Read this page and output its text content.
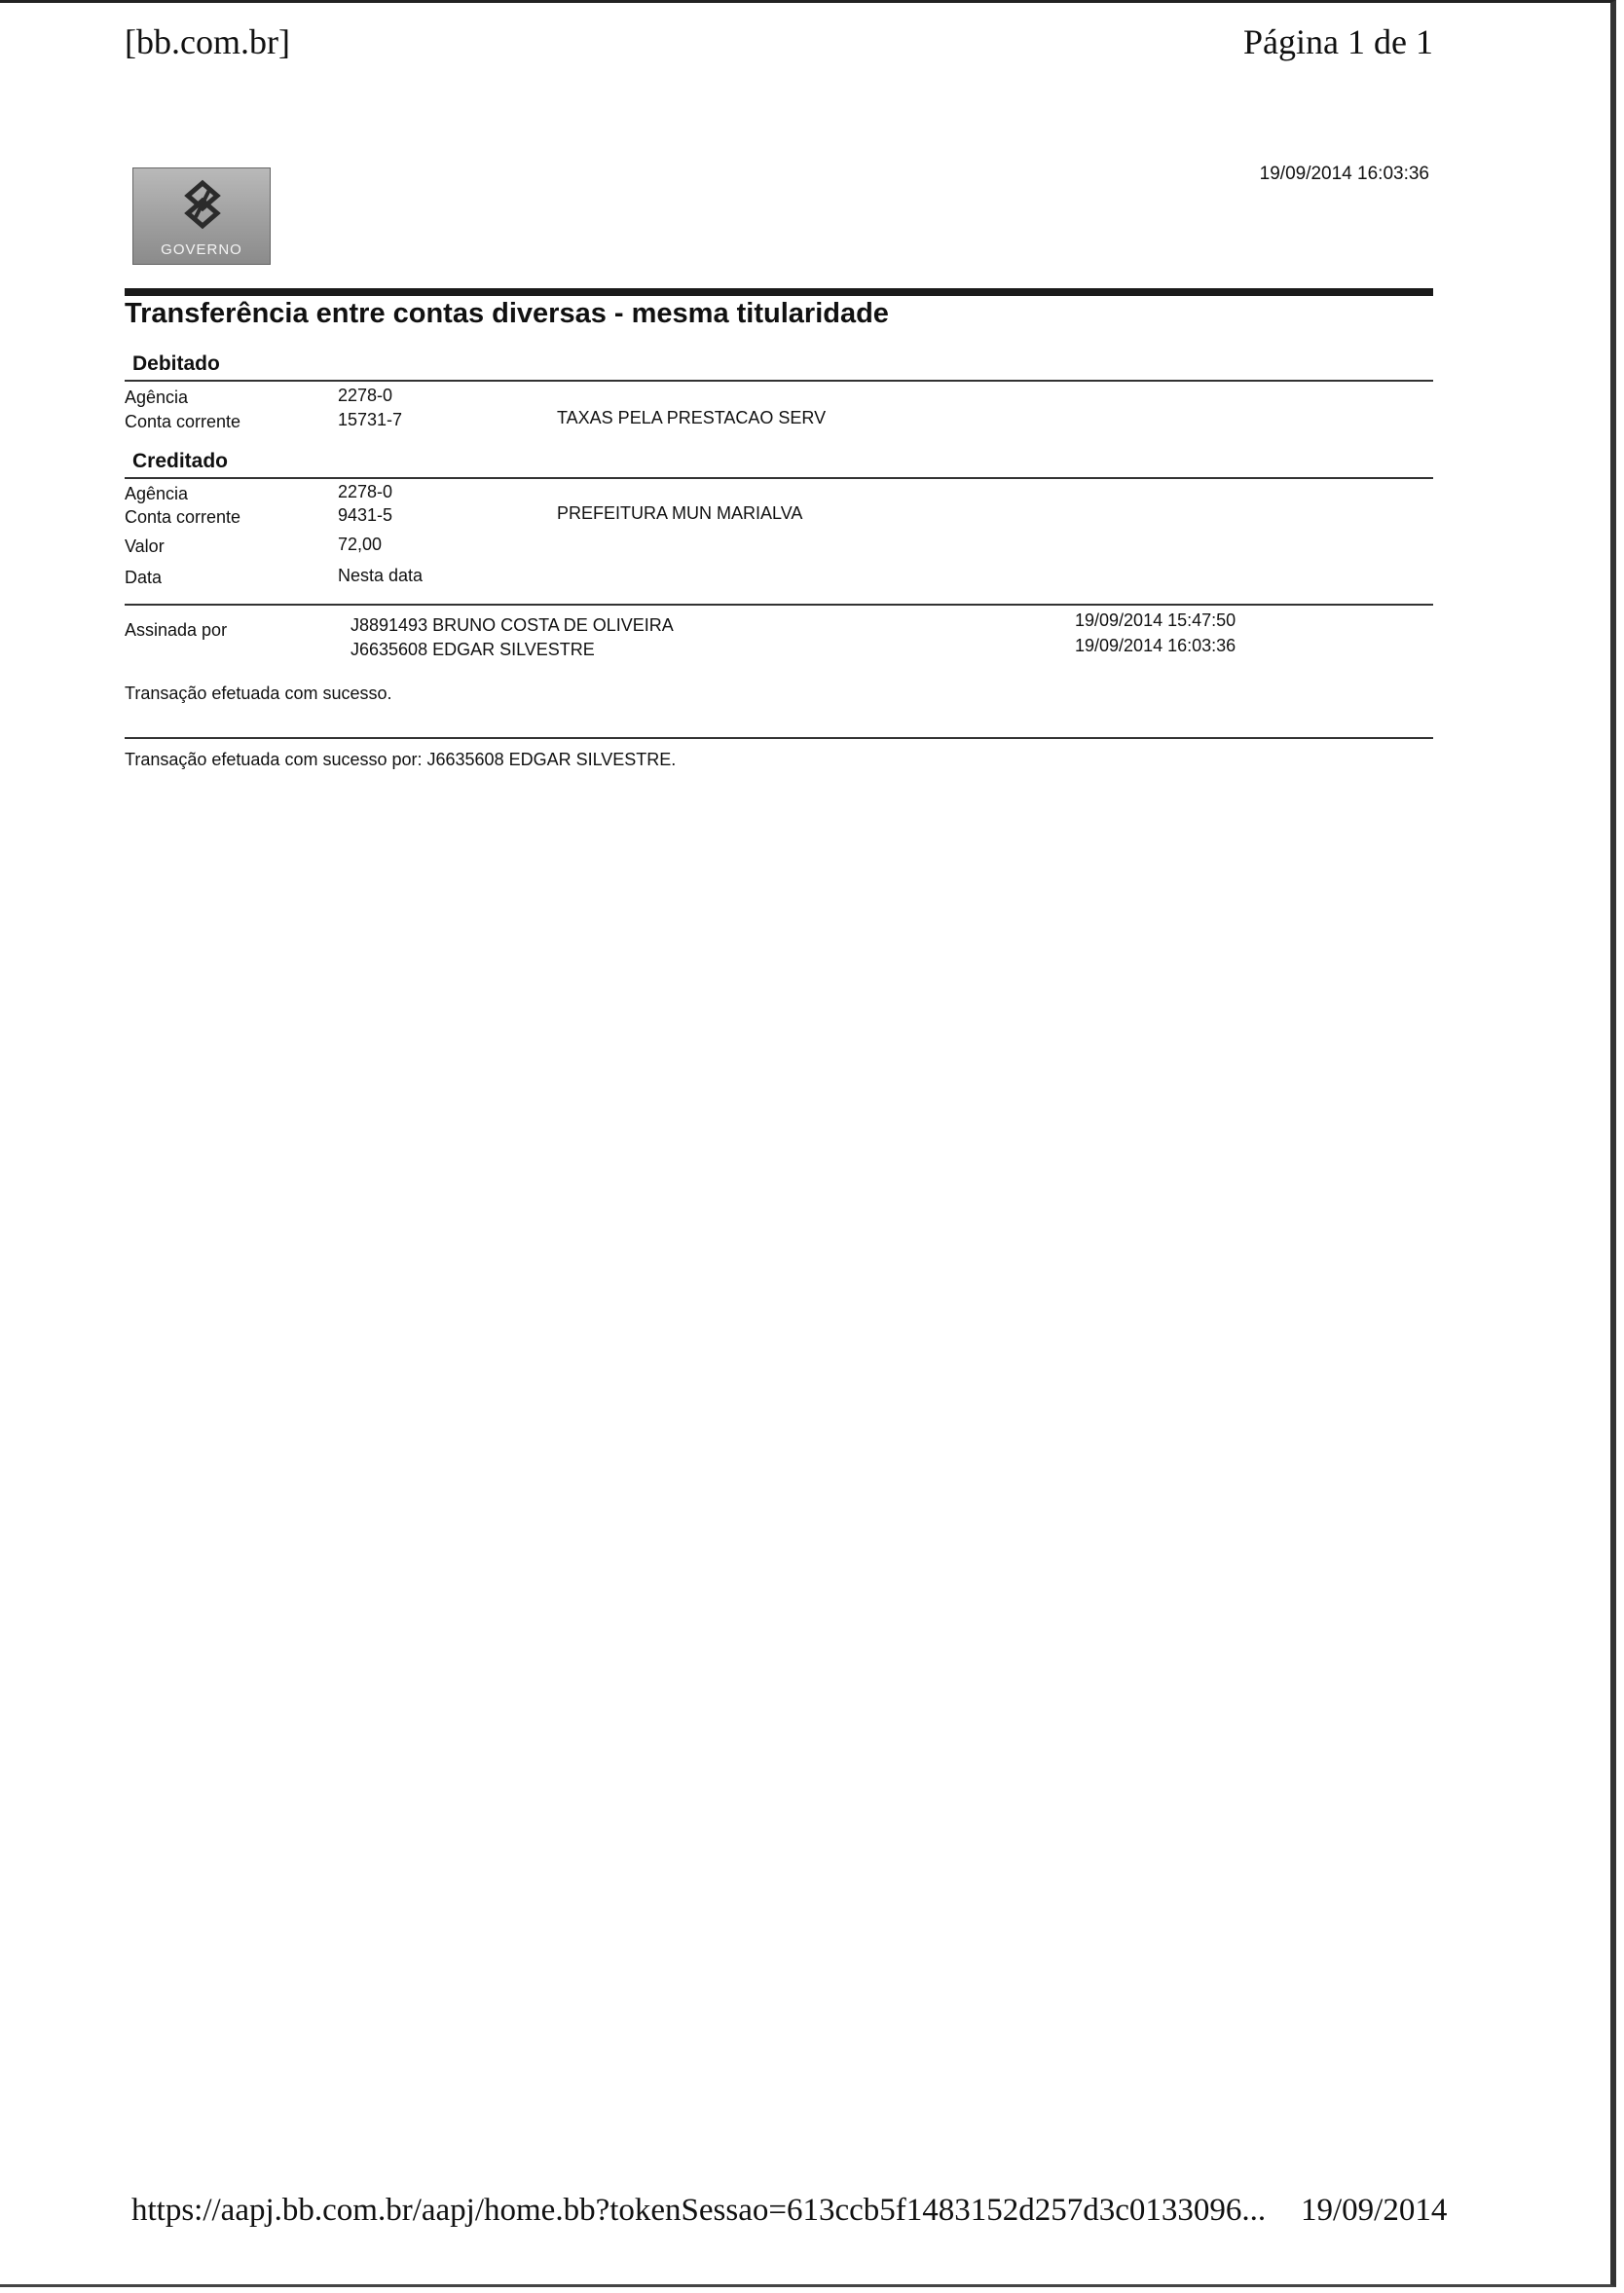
[bb.com.br]	Página 1 de 1
19/09/2014 16:03:36
GOVERNO
Transferência entre contas diversas - mesma titularidade
Debitado
Agência	2278-0
Conta corrente	15731-7	TAXAS PELA PRESTACAO SERV
Creditado
Agência	2278-0
Conta corrente	9431-5	PREFEITURA MUN MARIALVA
Valor	72,00
Data	Nesta data
Assinada por	J8891493 BRUNO COSTA DE OLIVEIRA	19/09/2014 15:47:50
J6635608 EDGAR SILVESTRE	19/09/2014 16:03:36
Transação efetuada com sucesso.
Transação efetuada com sucesso por: J6635608 EDGAR SILVESTRE.
https://aapj.bb.com.br/aapj/home.bb?tokenSessao=613ccb5f1483152d257d3c0133096... 19/09/2014
